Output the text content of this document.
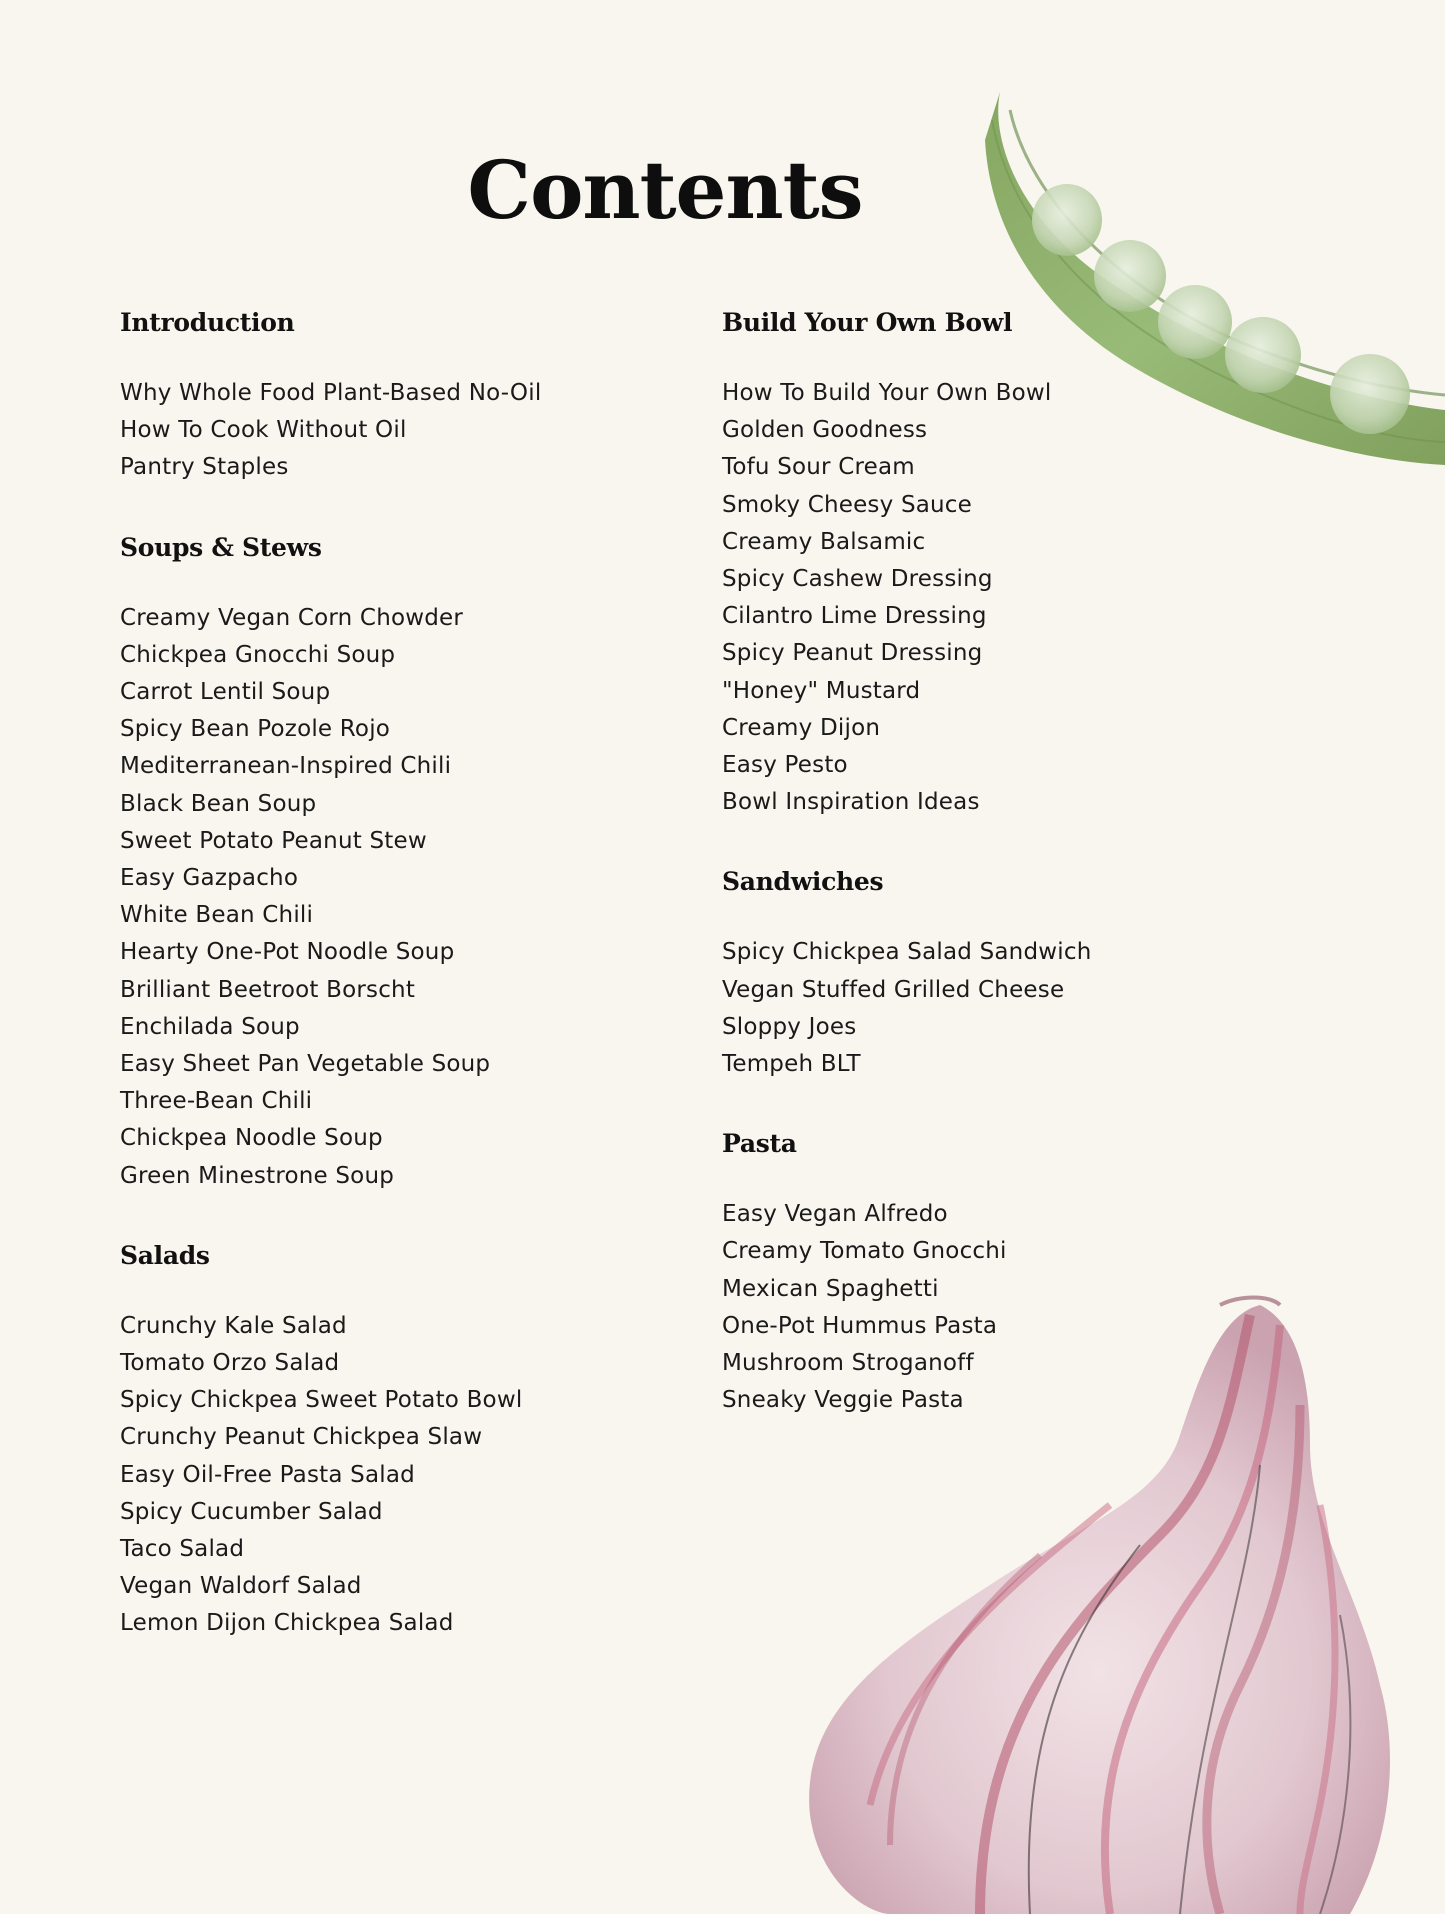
Contents
Introduction
Why Whole Food Plant-Based No-Oil
How To Cook Without Oil
Pantry Staples
Soups & Stews
Creamy Vegan Corn Chowder
Chickpea Gnocchi Soup
Carrot Lentil Soup
Spicy Bean Pozole Rojo
Mediterranean-Inspired Chili
Black Bean Soup
Sweet Potato Peanut Stew
Easy Gazpacho
White Bean Chili
Hearty One-Pot Noodle Soup
Brilliant Beetroot Borscht
Enchilada Soup
Easy Sheet Pan Vegetable Soup
Three-Bean Chili
Chickpea Noodle Soup
Green Minestrone Soup
Salads
Crunchy Kale Salad
Tomato Orzo Salad
Spicy Chickpea Sweet Potato Bowl
Crunchy Peanut Chickpea Slaw
Easy Oil-Free Pasta Salad
Spicy Cucumber Salad
Taco Salad
Vegan Waldorf Salad
Lemon Dijon Chickpea Salad
Build Your Own Bowl
How To Build Your Own Bowl
Golden Goodness
Tofu Sour Cream
Smoky Cheesy Sauce
Creamy Balsamic
Spicy Cashew Dressing
Cilantro Lime Dressing
Spicy Peanut Dressing
"Honey" Mustard
Creamy Dijon
Easy Pesto
Bowl Inspiration Ideas
Sandwiches
Spicy Chickpea Salad Sandwich
Vegan Stuffed Grilled Cheese
Sloppy Joes
Tempeh BLT
Pasta
Easy Vegan Alfredo
Creamy Tomato Gnocchi
Mexican Spaghetti
One-Pot Hummus Pasta
Mushroom Stroganoff
Sneaky Veggie Pasta
